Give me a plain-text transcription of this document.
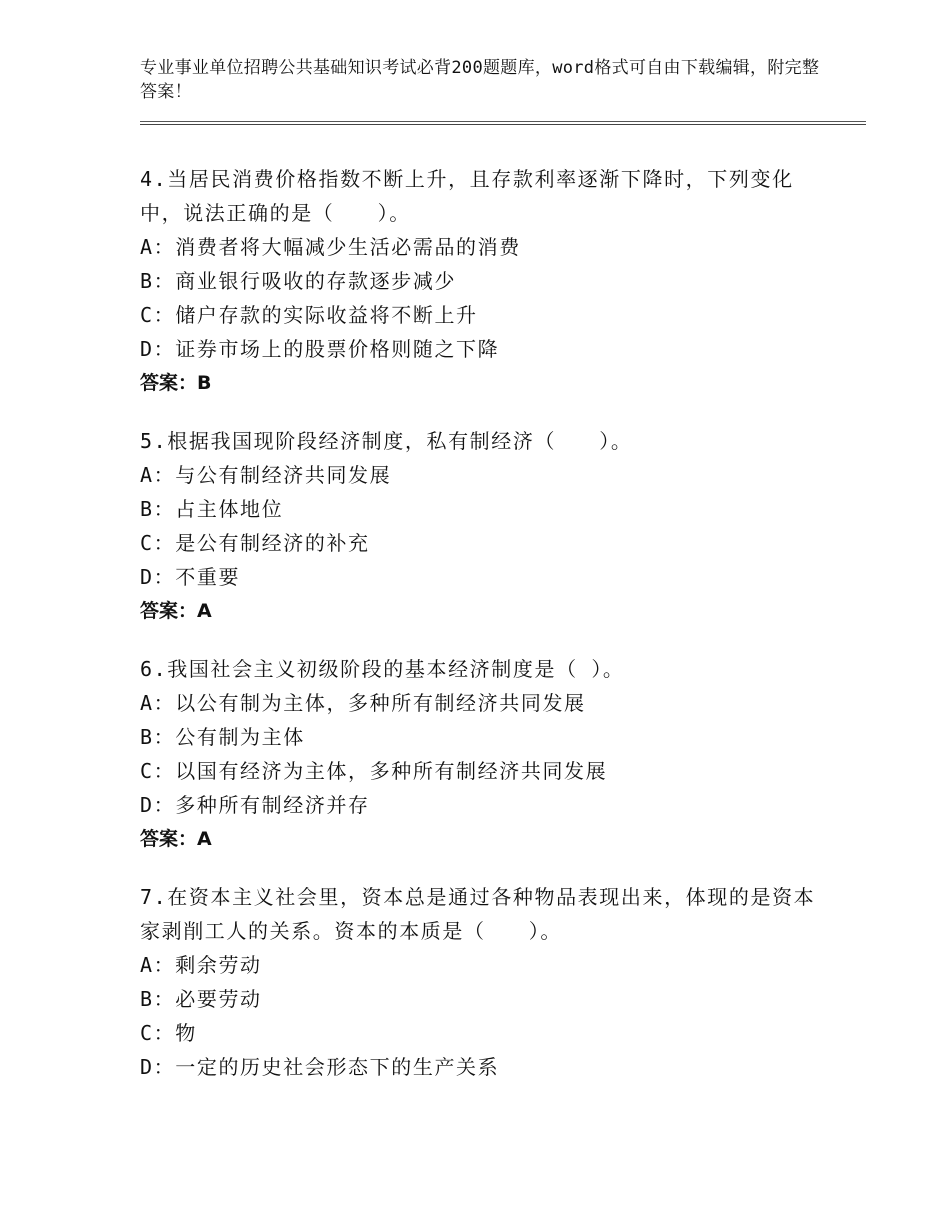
专业事业单位招聘公共基础知识考试必背200题题库，word格式可自由下载编辑，附完整答案！

4.当居民消费价格指数不断上升，且存款利率逐渐下降时，下列变化中，说法正确的是（　　）。

A：消费者将大幅减少生活必需品的消费

B：商业银行吸收的存款逐步减少

C：储户存款的实际收益将不断上升

D：证券市场上的股票价格则随之下降

答案：B

5.根据我国现阶段经济制度，私有制经济（　　）。

A：与公有制经济共同发展

B：占主体地位

C：是公有制经济的补充

D：不重要

答案：A

6.我国社会主义初级阶段的基本经济制度是（ ）。

A：以公有制为主体，多种所有制经济共同发展

B：公有制为主体

C：以国有经济为主体，多种所有制经济共同发展

D：多种所有制经济并存

答案：A

7.在资本主义社会里，资本总是通过各种物品表现出来，体现的是资本家剥削工人的关系。资本的本质是（　　）。

A：剩余劳动

B：必要劳动

C：物

D：一定的历史社会形态下的生产关系
